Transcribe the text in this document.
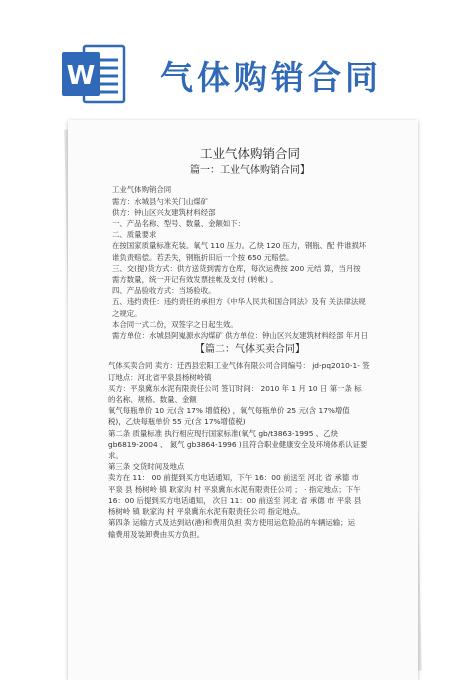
W 气体购销合同

工业气体购销合同

篇一：工业气体购销合同】

工业气体购销合同

需方：水城县勺米关门山煤矿

供方：钟山区兴友建筑材料经部

一、产品名称、型号、数量、金额如下：

二、质量要求

在按国家质量标准充装。氧气 110 压力。乙炔 120 压力，钢瓶、配 件谁损坏

谁负责赔偿。若丢失，钢瓶折旧后一个按 650 元赔偿。

三、交(提)货方式：供方送货到需方仓库，每次运费按 200 元结 算，当月按

需方数量，统一开记有效发票挂帐及支付 (转帐) 。

四、产品验收方式：当场验收。

五、违约责任：违约责任的承担方《中华人民共和国合同法》及有 关法律法规

之规定。

本合同一式二份，双签字之日起生效。

需方单位：水城县阿嵬源水沟煤矿 供方单位：钟山区兴友建筑材料经部 年月日

【篇二：气体买卖合同】

气体买卖合同 卖方：迁西县宏阳工业气体有限公司合同编号： jd-pq2010-1- 签

订地点：河北省平泉县杨树岭镇

买方：平泉冀东水泥有限责任公司 签订时间： 2010 年 1 月 10 日 第一条 标

的名称、规格、数量、金额

氧气每瓶单价 10 元(含 17% 增值税) ，氧气每瓶单价 25 元(含 17%增值

税)，乙炔每瓶单价 55 元(含 17%增值税)

第二条 质量标准 执行相应现行国家标准(氧气 gb/t3863-1995 、乙炔

gb6819-2004 、 氮气 gb3864-1996 )且符合职业健康安全及环境体系认证要

求。

第三条 交货时间及地点

卖方在 11： 00 前提到买方电话通知，下午 16：00 前送至 河北 省 承德 市

平泉 县 杨树岭 镇 耿家沟 村 平泉冀东水泥有限责任公司 ； · 指定地点；下午

16：00 后提到买方电话通知， 次日 11：00 前送至 河北 省 承德 市 平泉 县

杨树岭 镇 耿家沟 村 平泉冀东水泥有限责任公司 指定地点。

第四条 运输方式及达到站(港)和费用负担 卖方使用运危险品的车辆运输；运

输费用及装卸费由买方负担。
